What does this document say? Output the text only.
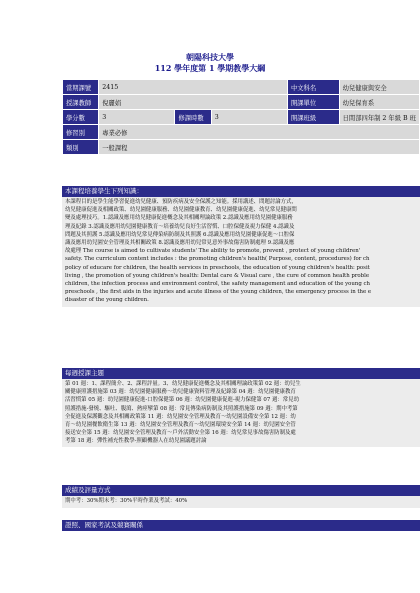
朝陽科技大學
112 學年度第 1 學期教學大綱
當期課號	2415			中文科名	幼兒健康與安全
授課教師	倪麗娟			開課單位	幼兒保育系
學分數	3	修課時數	3	開課班級	日間部四年制 2 年級 B 班
修習別	專業必修				
類別	一般課程				
本課程培養學生下列知識：
本課程目的是學生能學習促進幼兒健康、預防疾病及安全保護之知能。採用講述、問題討論方式，
幼兒健康促進及相關政策、幼兒園健康服務、幼兒園健康教育、幼兒園健康促進、幼兒常見健康問
變及處理技巧。1.認識及應用幼兒健康促進概念及其相關理論政策 2.認識及應用幼兒園健康服務
理及紀錄 3.認識及應用幼兒園健康教育～培養幼兒良好生活習慣、口腔保健及視力保健 4.認識及
問題及其照護 5.認識及應用幼兒常見傳染病防制及其照護 6.認識及應用幼兒園健康促進～口腔保
識及應用幼兒園安全管理及其相關政策 8.認識及應用幼兒常見意外事故傷害防制處理 9.認識及應
故處理 The course is aimed to cultivate students' The ability to promote, prevent , protect of young children'
safety. The curriculum content includes : the promoting children's health( Purpose, content, procedures) for ch
policy of educare for children, the health services in preschools, the education of young children's health: posit
living , the promotion of young children's health: Dental care & Visual care , the cure of common health proble
children, the infection process and environment control, the safety management and education of the young ch
preschools , the first aids in the injuries and acute illness of the young children, the emergency process in the e
disaster of the young children.
每週授課主題
第 01 週：1、課程簡介、2、課程評量。3、幼兒健康促進概念及其相關理論政策第 02 週：幼兒生
關健康照護措施第 03 週：幼兒園健康服務～幼兒健康資料管理及紀錄第 04 週：幼兒園健康教育
活習慣第 05 週：幼兒園健康促進-口腔保健第 06 週：幼兒園健康促進-視力保健第 07 週：常見幼
照護措施-發燒、驅吐、腹瀉、熱痙攣第 08 週：常見傳染病防制及其照護措施第 09 週：期中考第
全促進及保護觀念及其相關政策第 11 週：幼兒園安全管理及教育～幼兒園設備安全第 12 週：幼
育～幼兒園餐飲衛生第 13 週：幼兒園安全管理及教育～幼兒園環境安全第 14 週：幼兒園安全管
接送安全第 15 週：幼兒園安全管理及教育～戶外活動安全第 16 週：幼兒常見事故傷害防制及處
考第 18 週：彈性補充性教學-照顧機器人在幼兒園議題討論
成績及評量方式
期中考：30%期末考：30%平時作業及考試：40%
證照、國家考試及競賽關係
